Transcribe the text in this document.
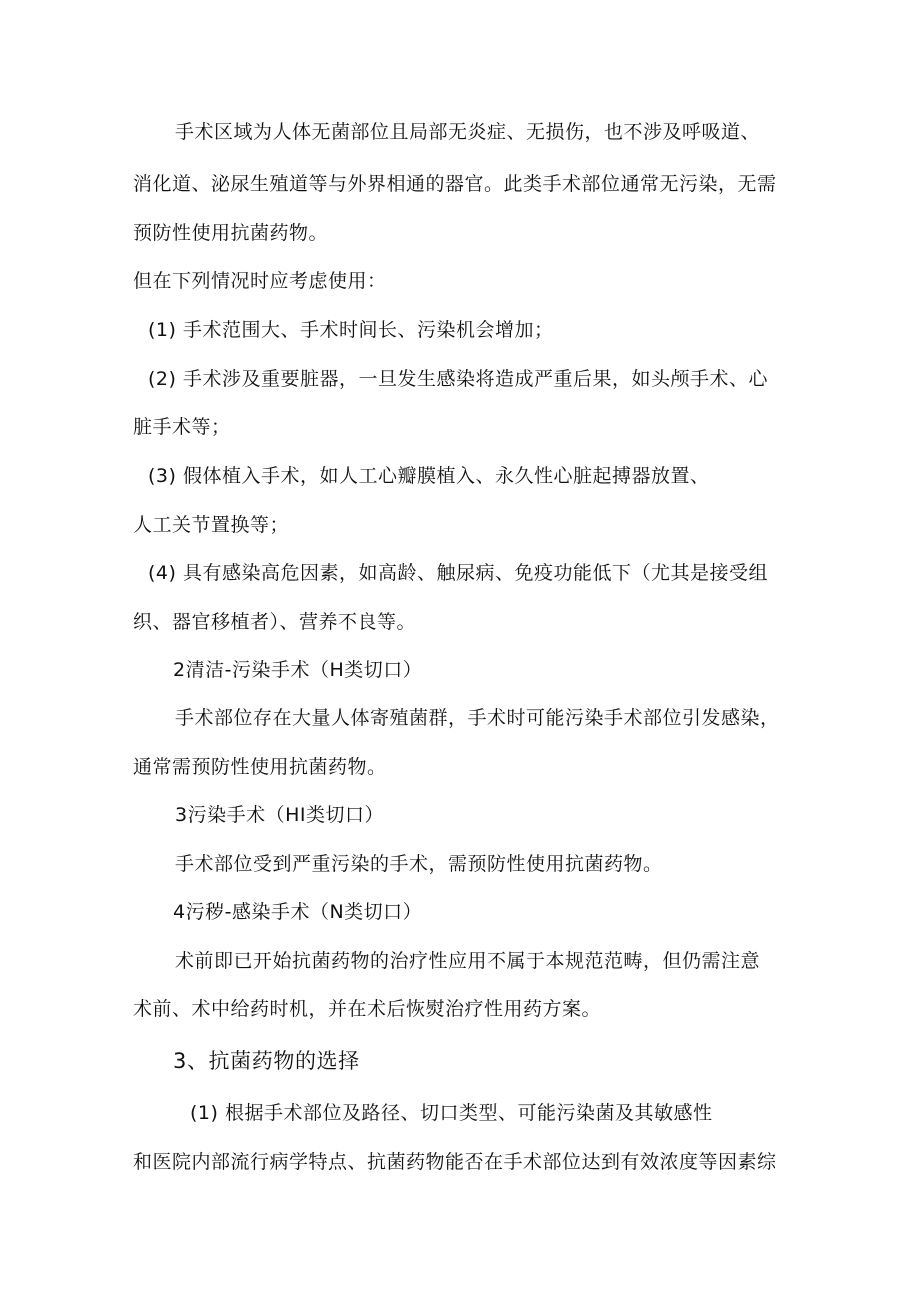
手术区域为人体无菌部位且局部无炎症、无损伤，也不涉及呼吸道、
消化道、泌尿生殖道等与外界相通的器官。此类手术部位通常无污染，无需
预防性使用抗菌药物。
但在下列情况时应考虑使用：
(1) 手术范围大、手术时间长、污染机会增加；
(2) 手术涉及重要脏器，一旦发生感染将造成严重后果，如头颅手术、心
脏手术等；
(3) 假体植入手术，如人工心瓣膜植入、永久性心脏起搏器放置、
人工关节置换等；
(4) 具有感染高危因素，如高龄、触尿病、免疫功能低下（尤其是接受组
织、器官移植者）、营养不良等。
2清洁-污染手术（H类切口）
手术部位存在大量人体寄殖菌群，手术时可能污染手术部位引发感染，
通常需预防性使用抗菌药物。
3污染手术（HI类切口）
手术部位受到严重污染的手术，需预防性使用抗菌药物。
4污秽-感染手术（N类切口）
术前即已开始抗菌药物的治疗性应用不属于本规范范畴，但仍需注意
术前、术中给药时机，并在术后恢熨治疗性用药方案。
3、抗菌药物的选择
(1) 根据手术部位及路径、切口类型、可能污染菌及其敏感性
和医院内部流行病学特点、抗菌药物能否在手术部位达到有效浓度等因素综
